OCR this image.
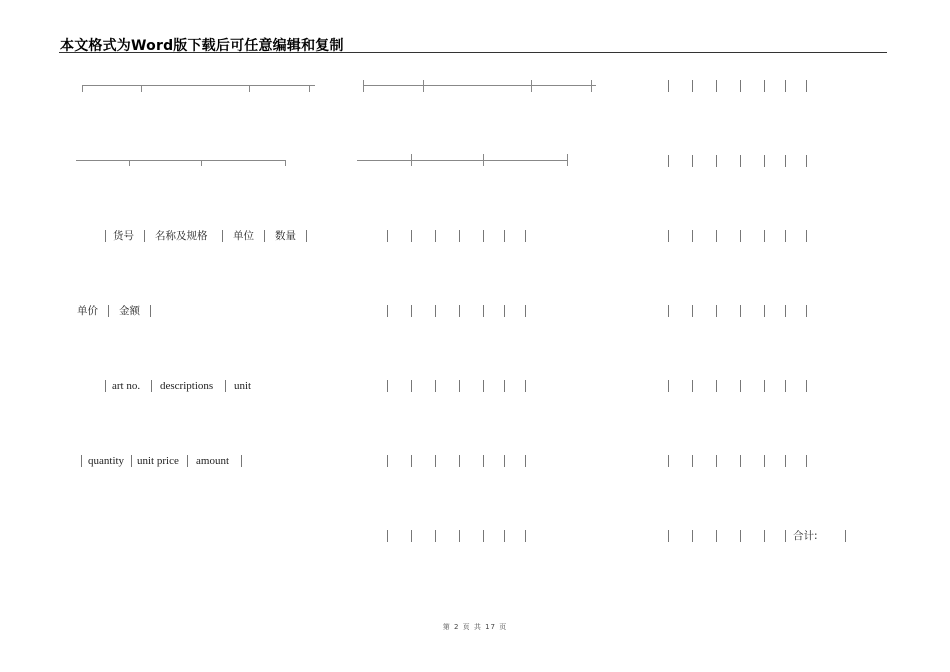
本文格式为Word版下载后可任意编辑和复制
货号 名称及规格 单位 数量
单价 金额
art no. descriptions unit
quantity unit price amount
合计:
第 2 页 共 17 页
